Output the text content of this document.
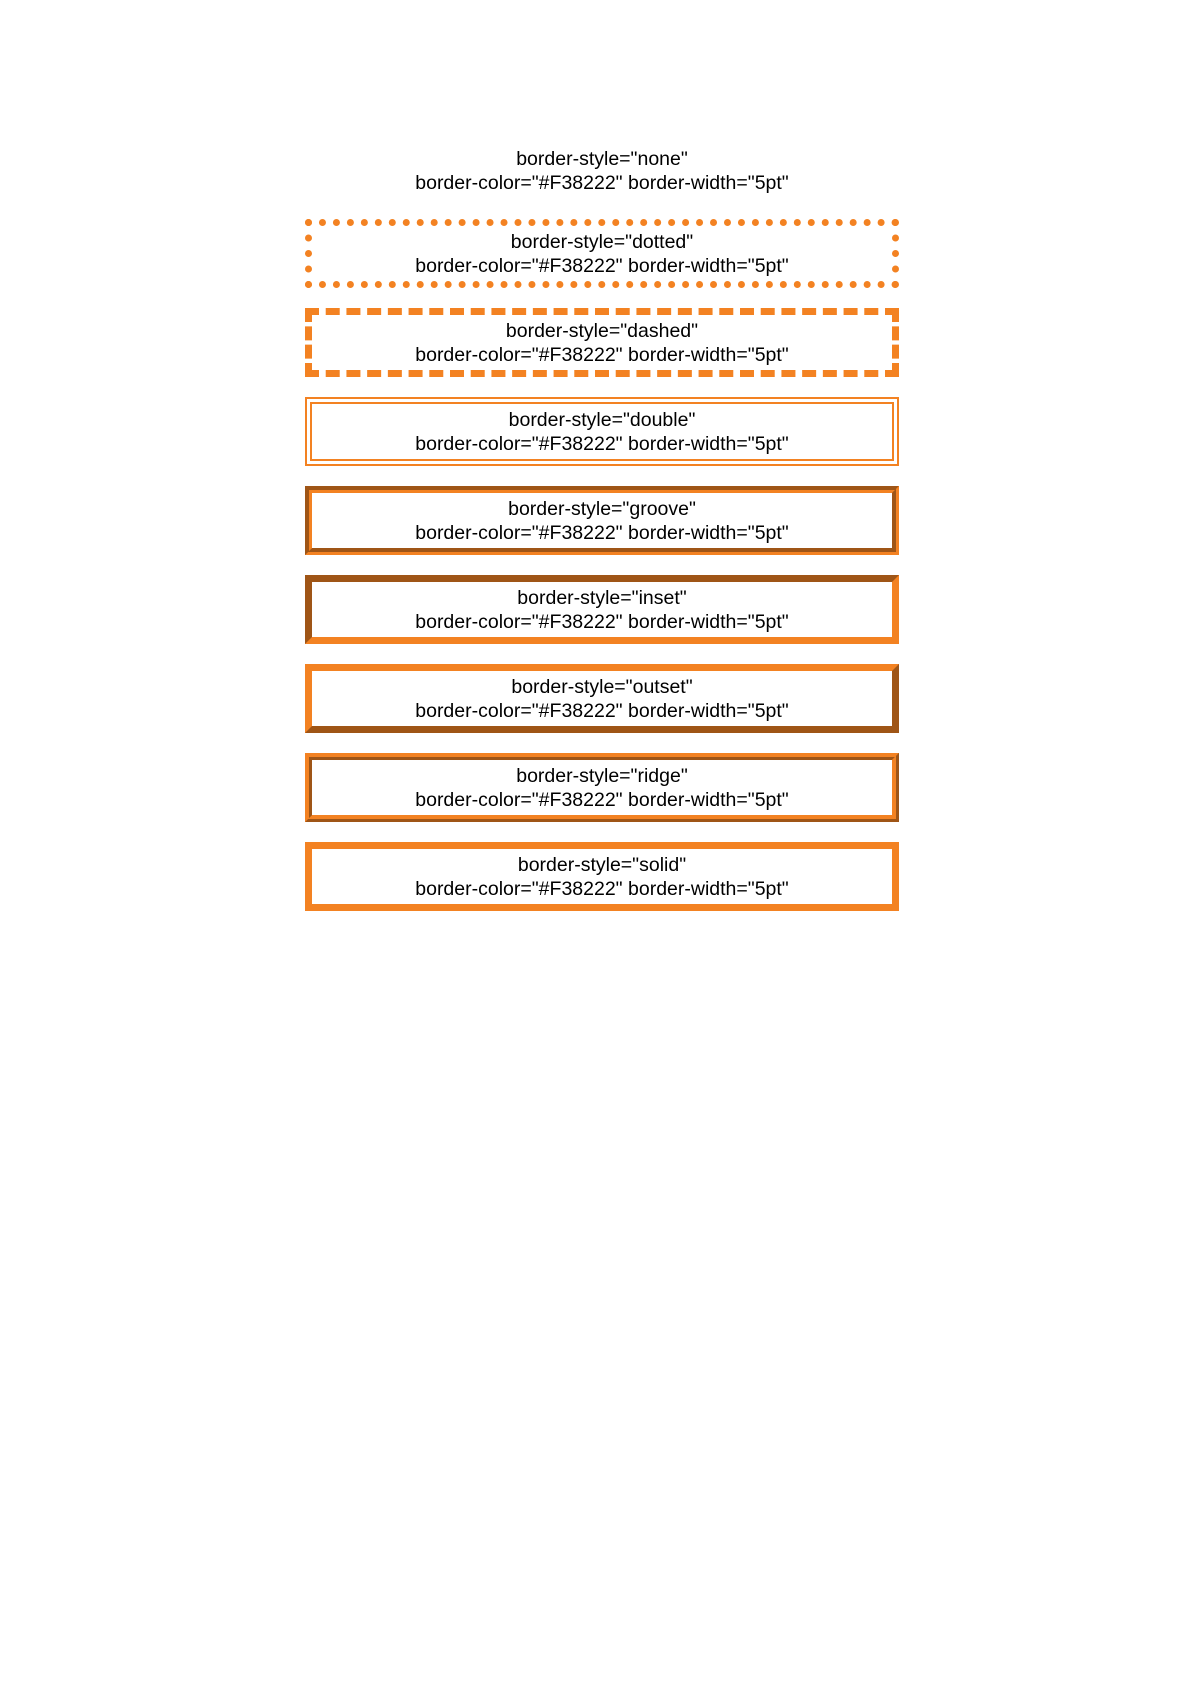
border-style="none"
border-color="#F38222" border-width="5pt"
border-style="dotted"
border-color="#F38222" border-width="5pt"
border-style="dashed"
border-color="#F38222" border-width="5pt"
border-style="double"
border-color="#F38222" border-width="5pt"
border-style="groove"
border-color="#F38222" border-width="5pt"
border-style="inset"
border-color="#F38222" border-width="5pt"
border-style="outset"
border-color="#F38222" border-width="5pt"
border-style="ridge"
border-color="#F38222" border-width="5pt"
border-style="solid"
border-color="#F38222" border-width="5pt"
